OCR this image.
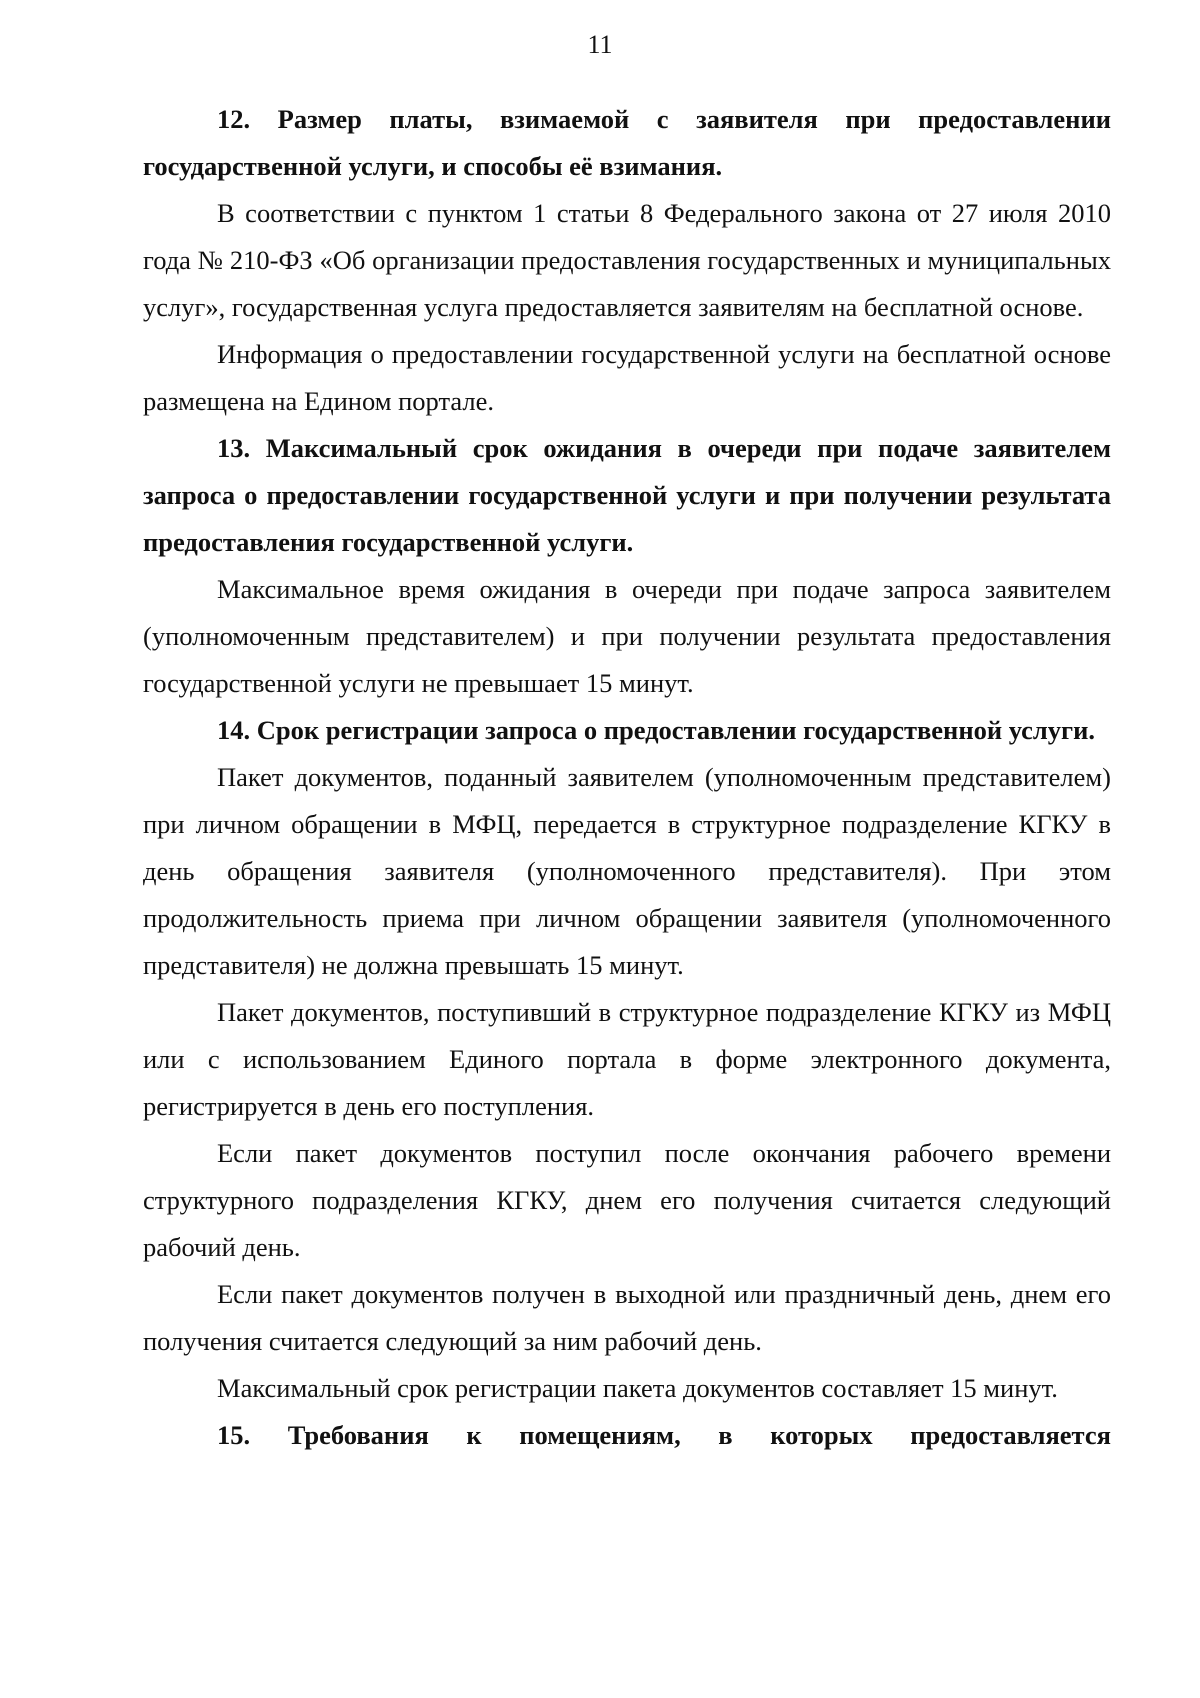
11

12. Размер платы, взимаемой с заявителя при предоставлении государственной услуги, и способы её взимания.

В соответствии с пунктом 1 статьи 8 Федерального закона от 27 июля 2010 года № 210-ФЗ «Об организации предоставления государственных и муниципальных услуг», государственная услуга предоставляется заявителям на бесплатной основе.

Информация о предоставлении государственной услуги на бесплатной основе размещена на Едином портале.

13. Максимальный срок ожидания в очереди при подаче заявителем запроса о предоставлении государственной услуги и при получении результата предоставления государственной услуги.

Максимальное время ожидания в очереди при подаче запроса заявителем (уполномоченным представителем) и при получении результата предоставления государственной услуги не превышает 15 минут.

14. Срок регистрации запроса о предоставлении государственной услуги.

Пакет документов, поданный заявителем (уполномоченным представителем) при личном обращении в МФЦ, передается в структурное подразделение КГКУ в день обращения заявителя (уполномоченного представителя). При этом продолжительность приема при личном обращении заявителя (уполномоченного представителя) не должна превышать 15 минут.

Пакет документов, поступивший в структурное подразделение КГКУ из МФЦ или с использованием Единого портала в форме электронного документа, регистрируется в день его поступления.

Если пакет документов поступил после окончания рабочего времени структурного подразделения КГКУ, днем его получения считается следующий рабочий день.

Если пакет документов получен в выходной или праздничный день, днем его получения считается следующий за ним рабочий день.

Максимальный срок регистрации пакета документов составляет 15 минут.

15. Требования к помещениям, в которых предоставляется
